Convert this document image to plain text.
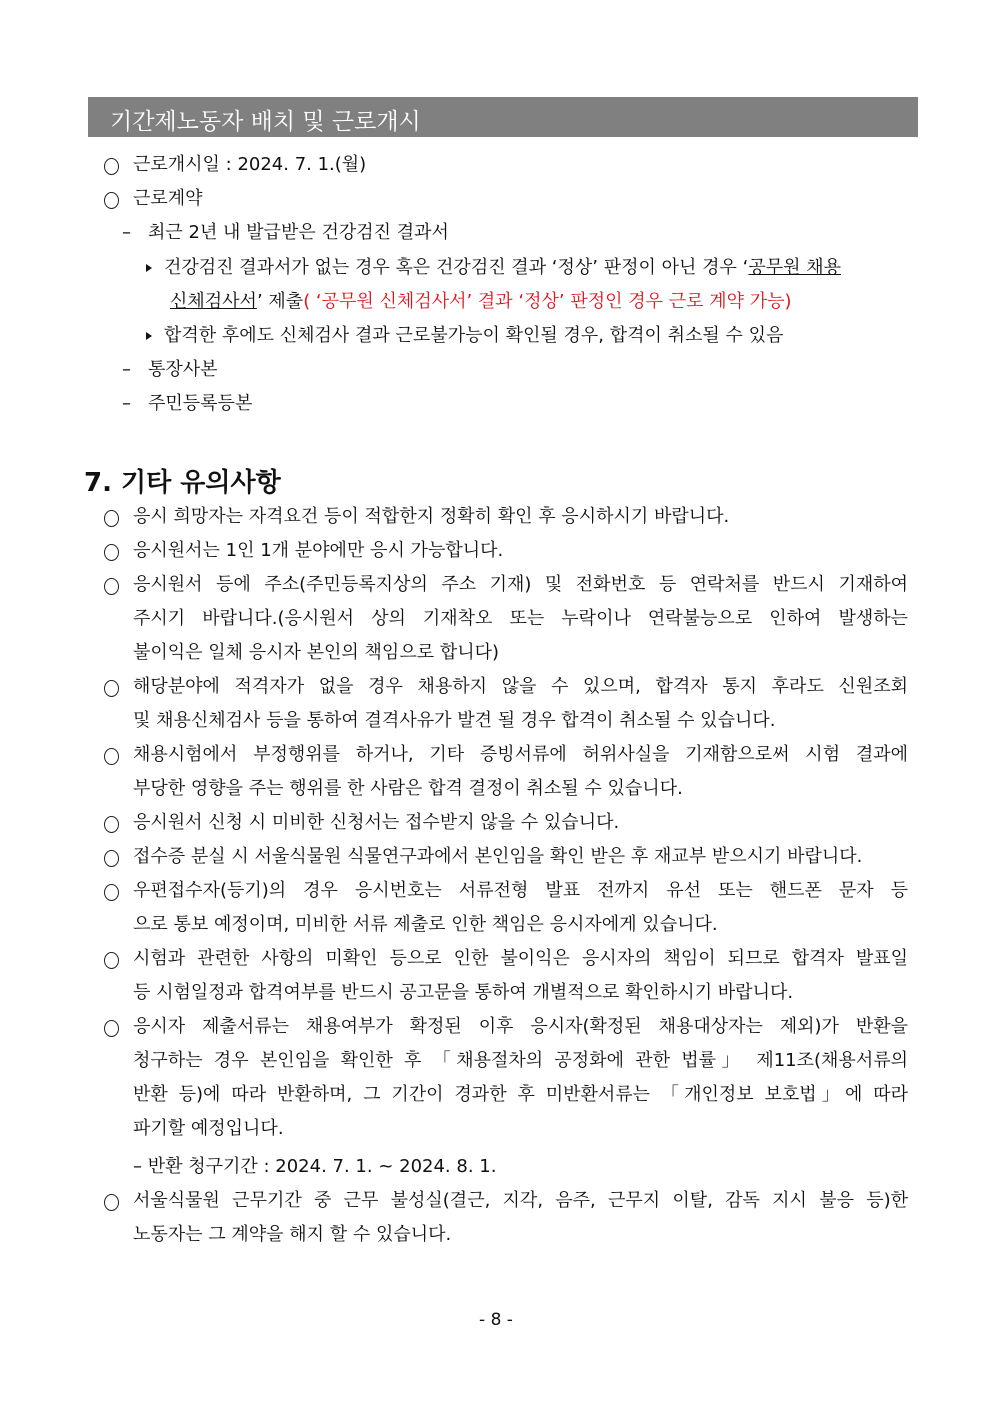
기간제노동자 배치 및 근로개시
근로개시일 : 2024. 7. 1.(월)
근로계약
– 최근 2년 내 발급받은 건강검진 결과서
건강검진 결과서가 없는 경우 혹은 건강검진 결과 ‘정상’ 판정이 아닌 경우 ‘공무원 채용
신체검사서’ 제출( ‘공무원 신체검사서’ 결과 ‘정상’ 판정인 경우 근로 계약 가능)
합격한 후에도 신체검사 결과 근로불가능이 확인될 경우, 합격이 취소될 수 있음
– 통장사본
– 주민등록등본
7. 기타 유의사항
응시 희망자는 자격요건 등이 적합한지 정확히 확인 후 응시하시기 바랍니다.
응시원서는 1인 1개 분야에만 응시 가능합니다.
응시원서 등에 주소(주민등록지상의 주소 기재) 및 전화번호 등 연락처를 반드시 기재하여
주시기 바랍니다.(응시원서 상의 기재착오 또는 누락이나 연락불능으로 인하여 발생하는
불이익은 일체 응시자 본인의 책임으로 합니다)
해당분야에 적격자가 없을 경우 채용하지 않을 수 있으며, 합격자 통지 후라도 신원조회
및 채용신체검사 등을 통하여 결격사유가 발견 될 경우 합격이 취소될 수 있습니다.
채용시험에서 부정행위를 하거나, 기타 증빙서류에 허위사실을 기재함으로써 시험 결과에
부당한 영향을 주는 행위를 한 사람은 합격 결정이 취소될 수 있습니다.
응시원서 신청 시 미비한 신청서는 접수받지 않을 수 있습니다.
접수증 분실 시 서울식물원 식물연구과에서 본인임을 확인 받은 후 재교부 받으시기 바랍니다.
우편접수자(등기)의 경우 응시번호는 서류전형 발표 전까지 유선 또는 핸드폰 문자 등
으로 통보 예정이며, 미비한 서류 제출로 인한 책임은 응시자에게 있습니다.
시험과 관련한 사항의 미확인 등으로 인한 불이익은 응시자의 책임이 되므로 합격자 발표일
등 시험일정과 합격여부를 반드시 공고문을 통하여 개별적으로 확인하시기 바랍니다.
응시자 제출서류는 채용여부가 확정된 이후 응시자(확정된 채용대상자는 제외)가 반환을
청구하는 경우 본인임을 확인한 후 「채용절차의 공정화에 관한 법률」 제11조(채용서류의
반환 등)에 따라 반환하며, 그 기간이 경과한 후 미반환서류는 「개인정보 보호법」에 따라
파기할 예정입니다.
서울식물원 근무기간 중 근무 불성실(결근, 지각, 음주, 근무지 이탈, 감독 지시 불응 등)한
노동자는 그 계약을 해지 할 수 있습니다.
– 반환 청구기간 : 2024. 7. 1. ~ 2024. 8. 1.
- 8 -
